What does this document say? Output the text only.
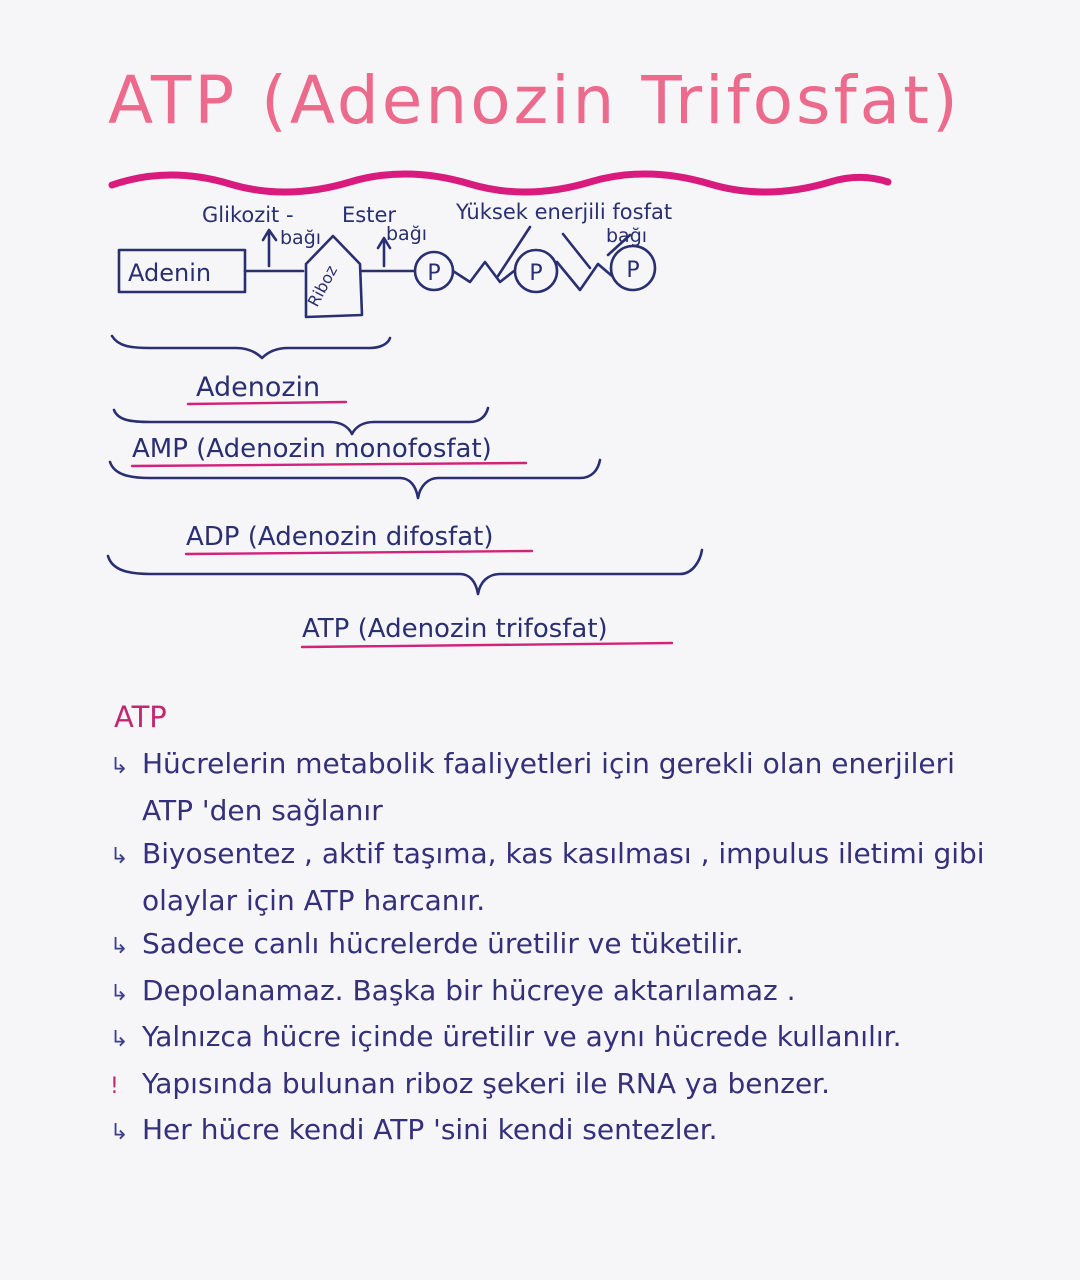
ATP (Adenozin Trifosfat)
Glikozit -
bağı
Ester
bağı
Yüksek enerjili fosfat
bağı
Adenin	Riboz	P	P	P
Adenozin
AMP (Adenozin monofosfat)
ADP (Adenozin difosfat)
ATP (Adenozin trifosfat)
ATP
↳ Hücrelerin metabolik faaliyetleri için gerekli olan enerjileri ATP 'den sağlanır
↳ Biyosentez , aktif taşıma, kas kasılması , impulus iletimi gibi olaylar için ATP harcanır.
↳ Sadece canlı hücrelerde üretilir ve tüketilir.
↳ Depolanamaz. Başka bir hücreye aktarılamaz .
↳ Yalnızca hücre içinde üretilir ve aynı hücrede kullanılır.
! Yapısında bulunan riboz şekeri ile RNA ya benzer.
↳ Her hücre kendi ATP 'sini kendi sentezler.
